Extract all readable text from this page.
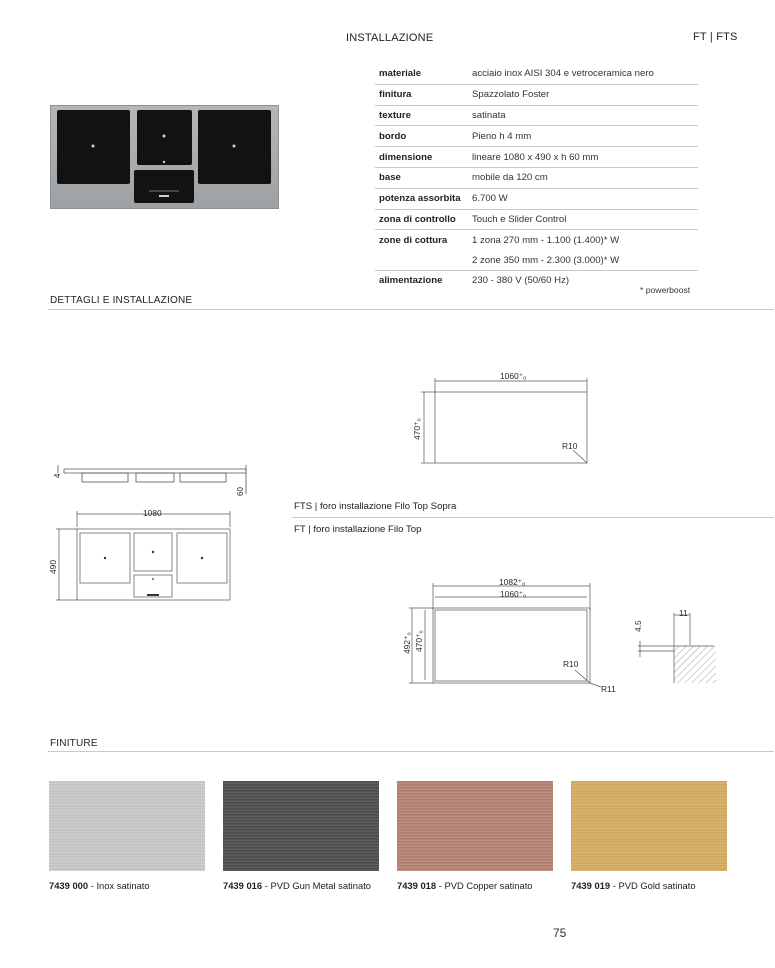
INSTALLAZIONE	FT | FTS
materiale	acciaio inox AISI 304 e vetroceramica nero
finitura	Spazzolato Foster
texture	satinata
bordo	Pieno h 4 mm
dimensione	lineare 1080 x 490 x h 60 mm
base	mobile da 120 cm
potenza assorbita	6.700 W
zona di controllo	Touch e Slider Control
zone di cottura	1 zona 270 mm - 1.100 (1.400)* W
	2 zone 350 mm - 2.300 (3.000)* W
alimentazione	230 - 380 V (50/60 Hz)
* powerboost
DETTAGLI E INSTALLAZIONE
4
60
1080
490
1060⁺₀
470⁺₀
R10
FTS | foro installazione Filo Top Sopra
FT | foro installazione Filo Top
1082⁺₀
1060⁺₀
492⁺₀ 470⁺₀
R10
R11
11
4.5
FINITURE
7439 000 - Inox satinato	7439 016 - PVD Gun Metal satinato	7439 018 - PVD Copper satinato	7439 019 - PVD Gold satinato
75
